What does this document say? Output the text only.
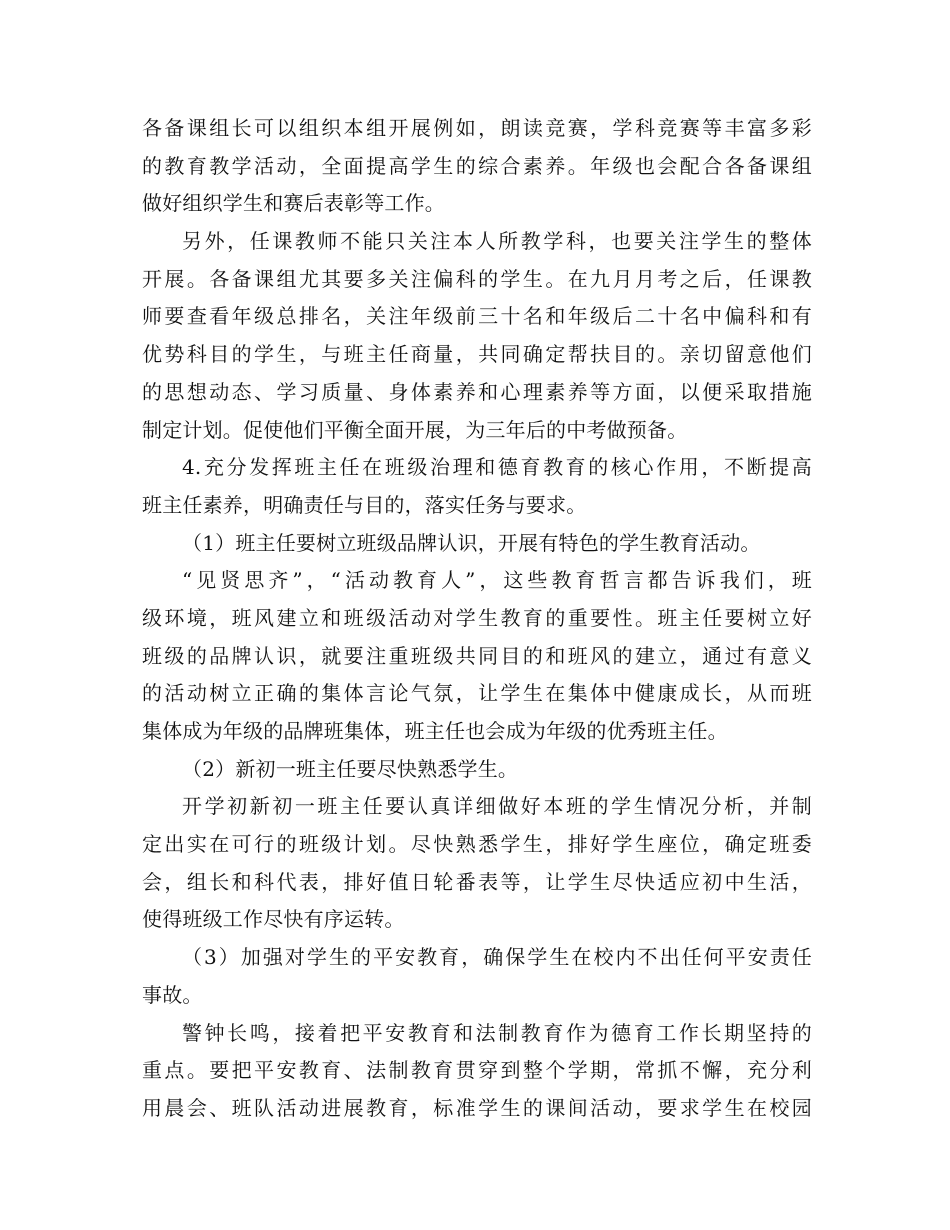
各备课组长可以组织本组开展例如，朗读竞赛，学科竞赛等丰富多彩
的教育教学活动，全面提高学生的综合素养。年级也会配合各备课组
做好组织学生和赛后表彰等工作。
另外，任课教师不能只关注本人所教学科，也要关注学生的整体
开展。各备课组尤其要多关注偏科的学生。在九月月考之后，任课教
师要查看年级总排名，关注年级前三十名和年级后二十名中偏科和有
优势科目的学生，与班主任商量，共同确定帮扶目的。亲切留意他们
的思想动态、学习质量、身体素养和心理素养等方面，以便采取措施
制定计划。促使他们平衡全面开展，为三年后的中考做预备。
4.充分发挥班主任在班级治理和德育教育的核心作用，不断提高
班主任素养，明确责任与目的，落实任务与要求。
（1）班主任要树立班级品牌认识，开展有特色的学生教育活动。
“见贤思齐”，“活动教育人”，这些教育哲言都告诉我们，班
级环境，班风建立和班级活动对学生教育的重要性。班主任要树立好
班级的品牌认识，就要注重班级共同目的和班风的建立，通过有意义
的活动树立正确的集体言论气氛，让学生在集体中健康成长，从而班
集体成为年级的品牌班集体，班主任也会成为年级的优秀班主任。
（2）新初一班主任要尽快熟悉学生。
开学初新初一班主任要认真详细做好本班的学生情况分析，并制
定出实在可行的班级计划。尽快熟悉学生，排好学生座位，确定班委
会，组长和科代表，排好值日轮番表等，让学生尽快适应初中生活，
使得班级工作尽快有序运转。
（3）加强对学生的平安教育，确保学生在校内不出任何平安责任
事故。
警钟长鸣，接着把平安教育和法制教育作为德育工作长期坚持的
重点。要把平安教育、法制教育贯穿到整个学期，常抓不懈，充分利
用晨会、班队活动进展教育，标准学生的课间活动，要求学生在校园
